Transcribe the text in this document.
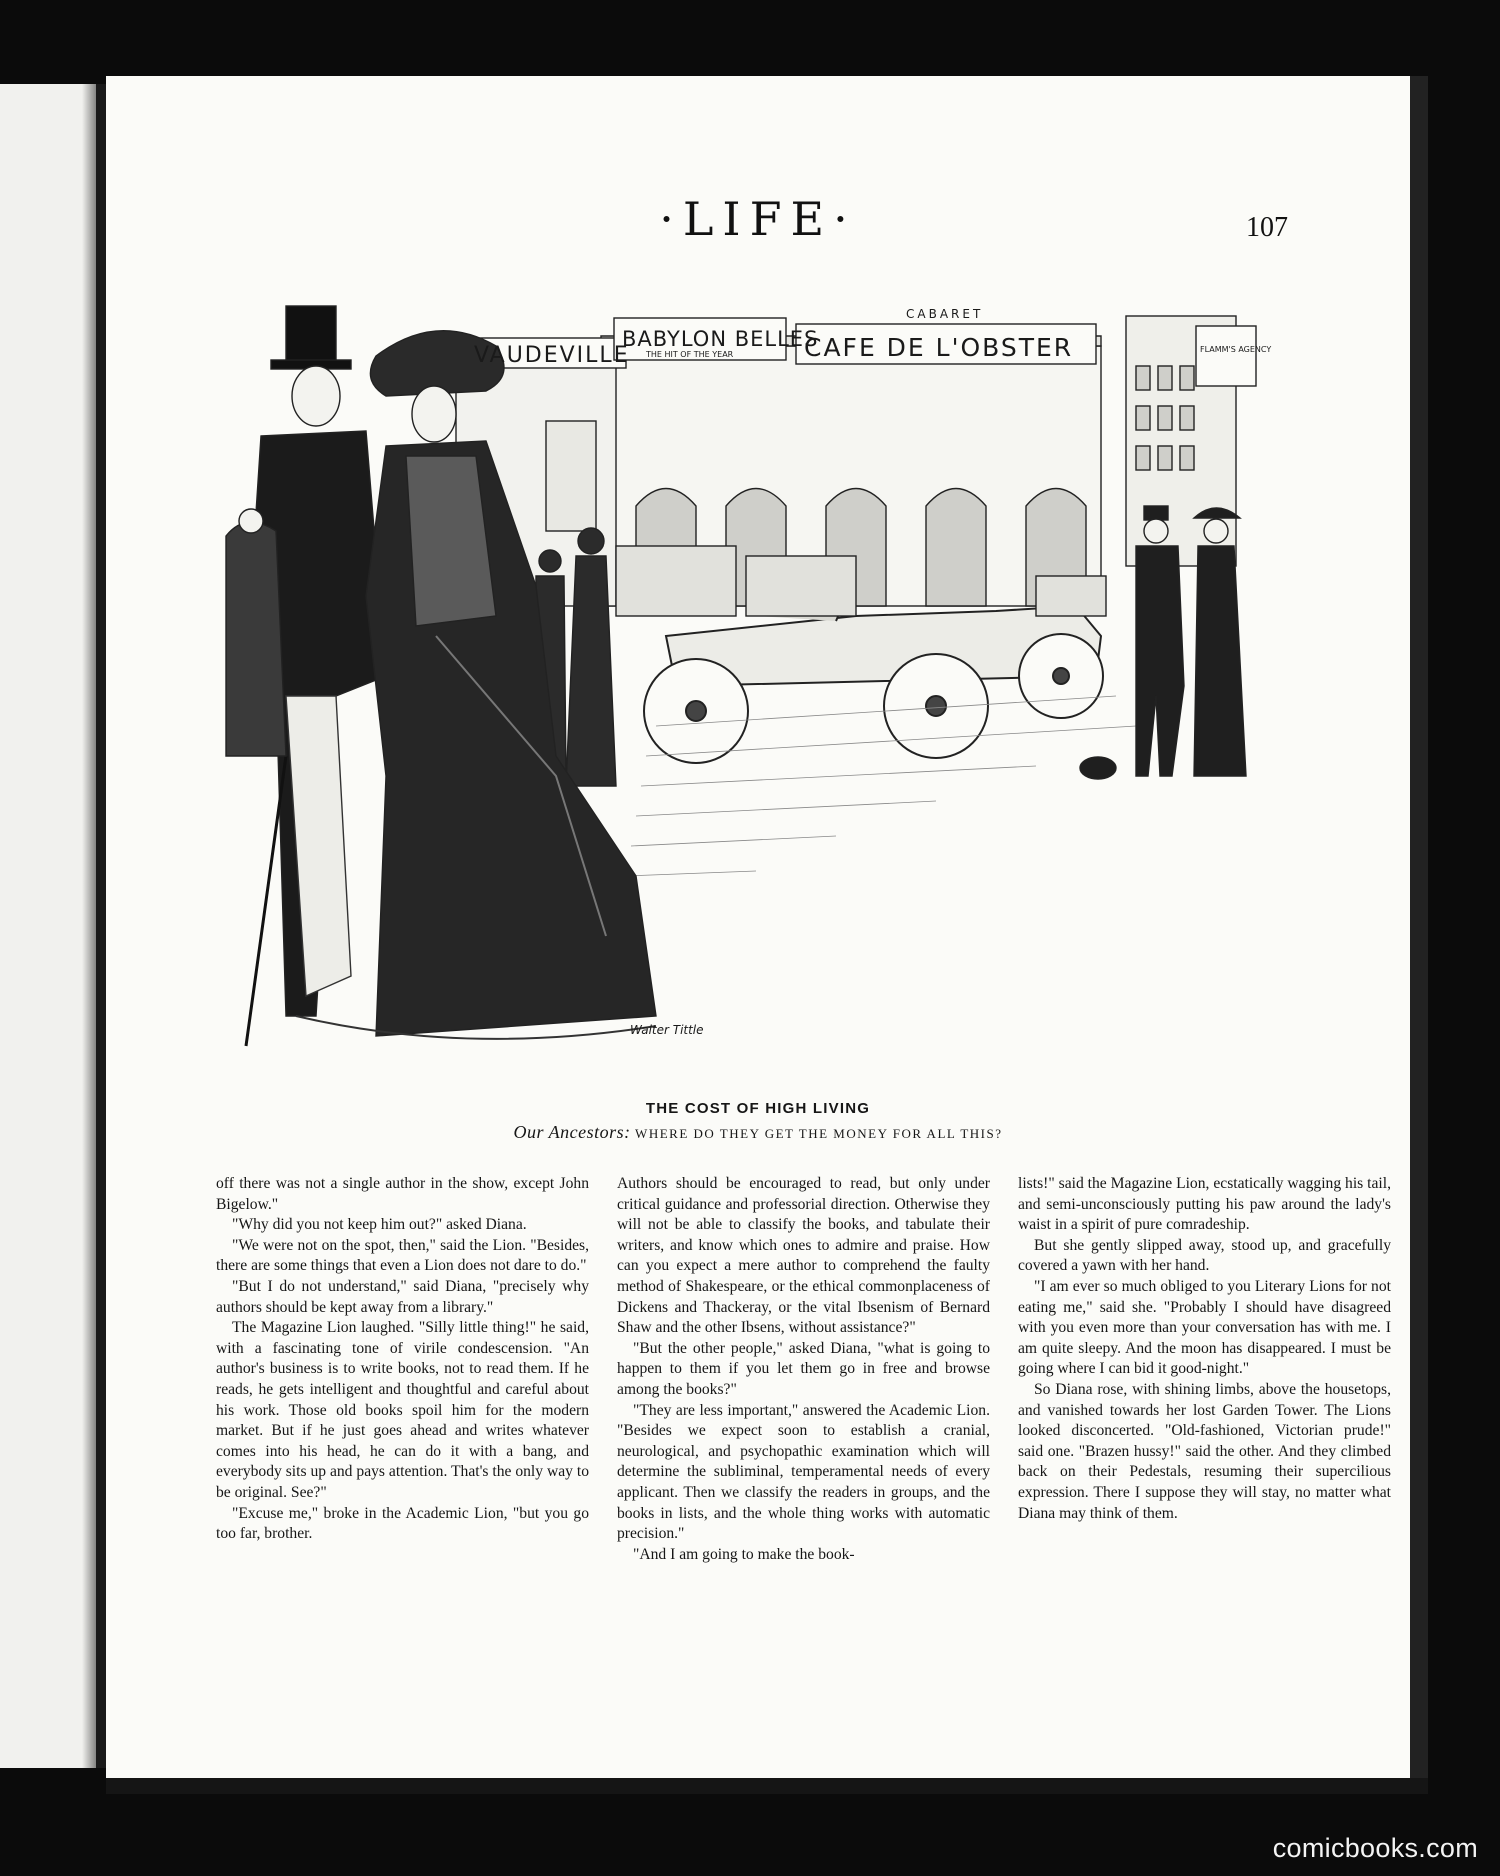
·LIFE·	107
VAUDEVILLE
BABYLON BELLES
THE HIT OF THE YEAR
CABARET
CAFE DE L'OBSTER	FLAMM'S AGENCY
Walter Tittle
THE COST OF HIGH LIVING
Our Ancestors: WHERE DO THEY GET THE MONEY FOR ALL THIS?

off there was not a single author in the show, except John Bigelow."

"Why did you not keep him out?" asked Diana.

"We were not on the spot, then," said the Lion. "Besides, there are some things that even a Lion does not dare to do."

"But I do not understand," said Diana, "precisely why authors should be kept away from a library."

The Magazine Lion laughed. "Silly little thing!" he said, with a fascinating tone of virile condescension. "An author's business is to write books, not to read them. If he reads, he gets intelligent and thoughtful and careful about his work. Those old books spoil him for the modern market. But if he just goes ahead and writes whatever comes into his head, he can do it with a bang, and everybody sits up and pays attention. That's the only way to be original. See?"

"Excuse me," broke in the Academic Lion, "but you go too far, brother.

Authors should be encouraged to read, but only under critical guidance and professorial direction. Otherwise they will not be able to classify the books, and tabulate their writers, and know which ones to admire and praise. How can you expect a mere author to comprehend the faulty method of Shakespeare, or the ethical commonplaceness of Dickens and Thackeray, or the vital Ibsenism of Bernard Shaw and the other Ibsens, without assistance?"

"But the other people," asked Diana, "what is going to happen to them if you let them go in free and browse among the books?"

"They are less important," answered the Academic Lion. "Besides we expect soon to establish a cranial, neurological, and psychopathic examination which will determine the subliminal, temperamental needs of every applicant. Then we classify the readers in groups, and the books in lists, and the whole thing works with automatic precision."

"And I am going to make the book-

lists!" said the Magazine Lion, ecstatically wagging his tail, and semi-unconsciously putting his paw around the lady's waist in a spirit of pure comradeship.

But she gently slipped away, stood up, and gracefully covered a yawn with her hand.

"I am ever so much obliged to you Literary Lions for not eating me," said she. "Probably I should have disagreed with you even more than your conversation has with me. I am quite sleepy. And the moon has disappeared. I must be going where I can bid it good-night."

So Diana rose, with shining limbs, above the housetops, and vanished towards her lost Garden Tower. The Lions looked disconcerted. "Old-fashioned, Victorian prude!" said one. "Brazen hussy!" said the other. And they climbed back on their Pedestals, resuming their supercilious expression. There I suppose they will stay, no matter what Diana may think of them.

comicbooks.com
